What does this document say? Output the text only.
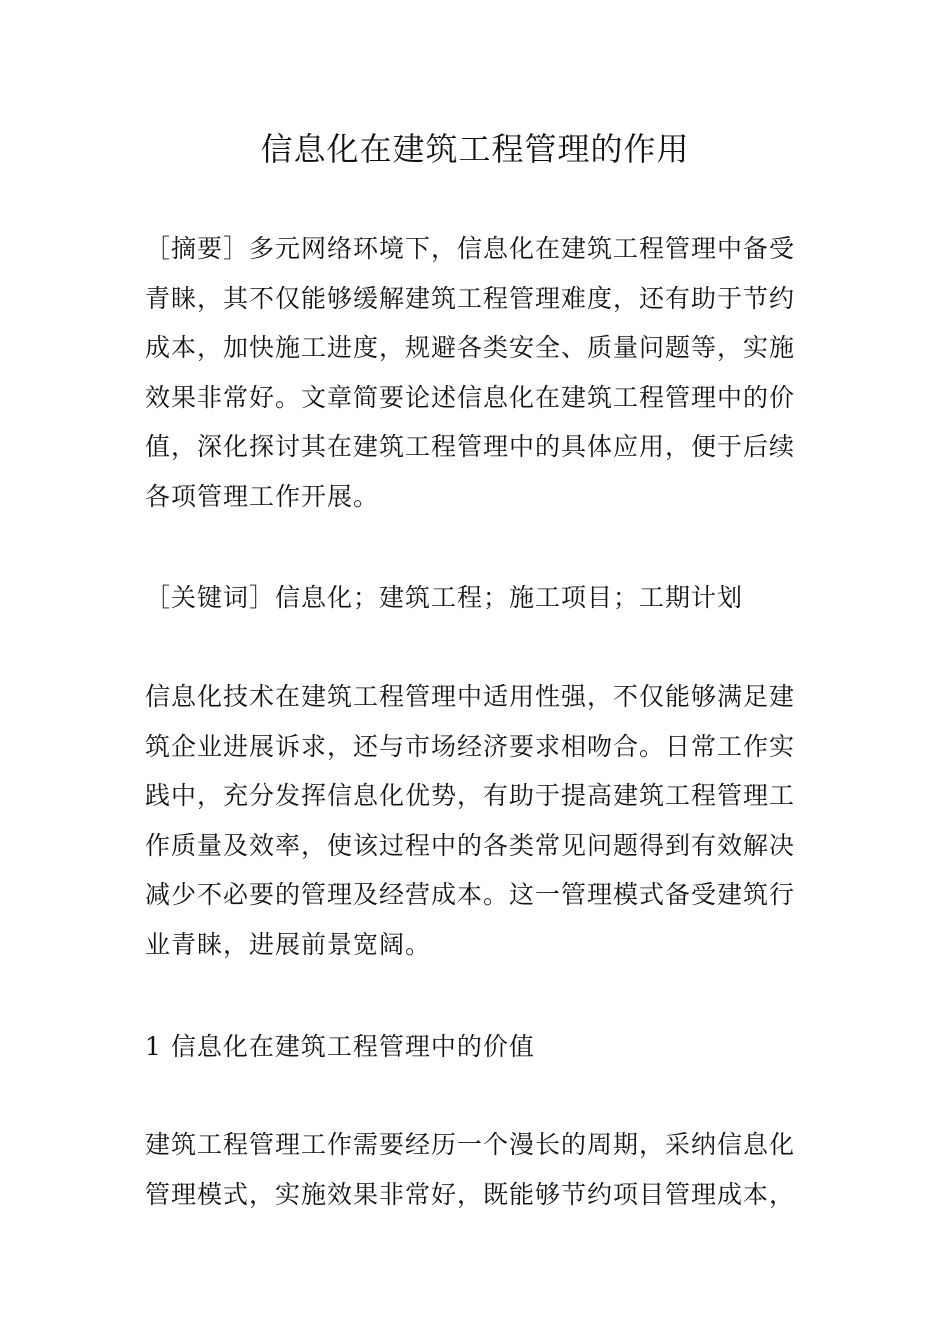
信息化在建筑工程管理的作用
［摘要］多元网络环境下，信息化在建筑工程管理中备受
青睐，其不仅能够缓解建筑工程管理难度，还有助于节约
成本，加快施工进度，规避各类安全、质量问题等，实施
效果非常好。文章简要论述信息化在建筑工程管理中的价
值，深化探讨其在建筑工程管理中的具体应用，便于后续
各项管理工作开展。
［关键词］信息化；建筑工程；施工项目；工期计划
信息化技术在建筑工程管理中适用性强，不仅能够满足建
筑企业进展诉求，还与市场经济要求相吻合。日常工作实
践中，充分发挥信息化优势，有助于提高建筑工程管理工
作质量及效率，使该过程中的各类常见问题得到有效解决
减少不必要的管理及经营成本。这一管理模式备受建筑行
业青睐，进展前景宽阔。
1 信息化在建筑工程管理中的价值
建筑工程管理工作需要经历一个漫长的周期，采纳信息化
管理模式，实施效果非常好，既能够节约项目管理成本，
